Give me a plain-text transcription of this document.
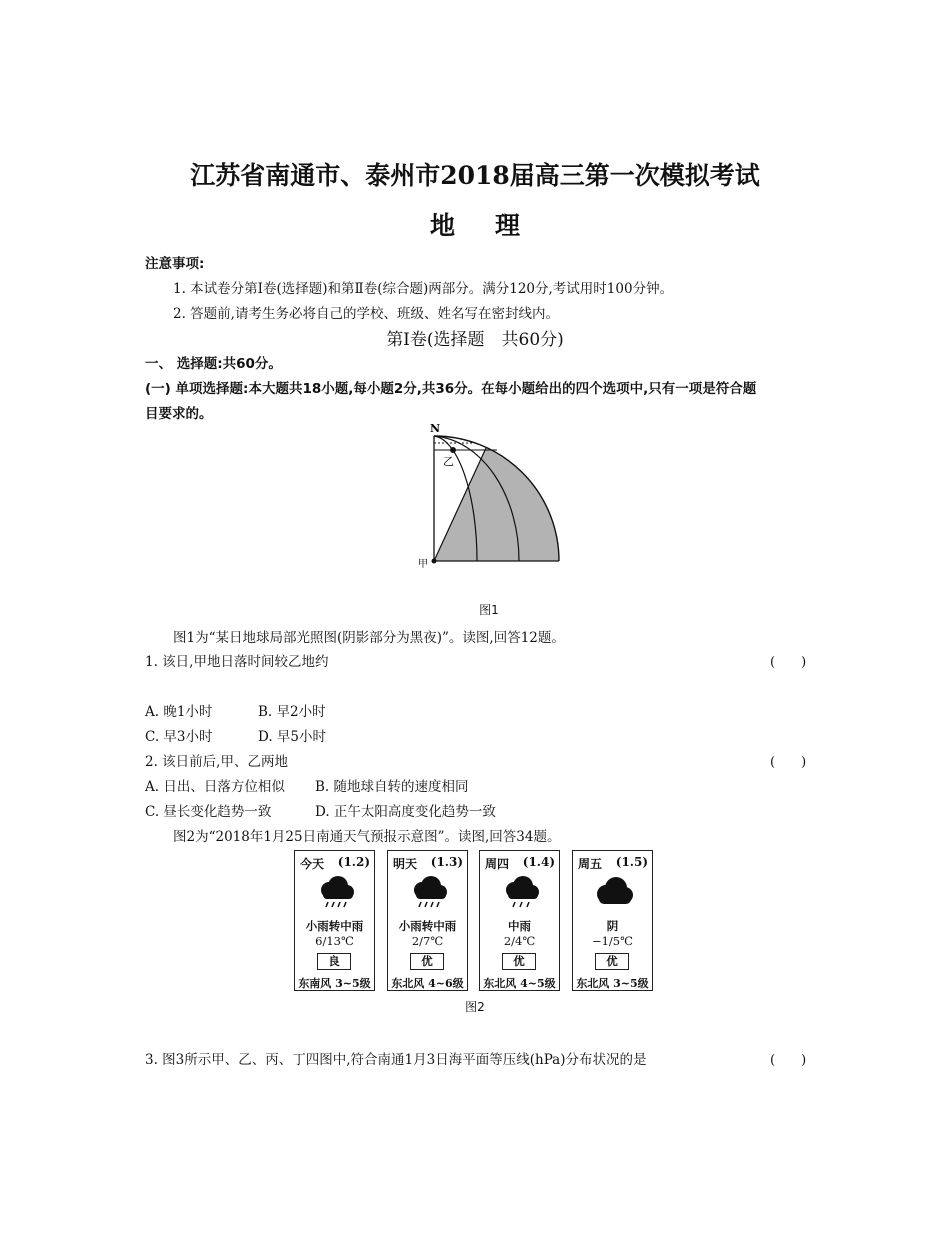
江苏省南通市、泰州市2018届高三第一次模拟考试
地理
注意事项:
1. 本试卷分第Ⅰ卷(选择题)和第Ⅱ卷(综合题)两部分。满分120分,考试用时100分钟。
2. 答题前,请考生务必将自己的学校、班级、姓名写在密封线内。
第Ⅰ卷(选择题　共60分)
一、 选择题:共60分。
(一) 单项选择题:本大题共18小题,每小题2分,共36分。在每小题给出的四个选项中,只有一项是符合题
目要求的。
N
乙
甲
图1
图1为“某日地球局部光照图(阴影部分为黑夜)”。读图,回答12题。
1. 该日,甲地日落时间较乙地约	(　　)
A. 晚1小时	B. 早2小时
C. 早3小时	D. 早5小时
2. 该日前后,甲、乙两地	(　　)
A. 日出、日落方位相似 B. 随地球自转的速度相同
C. 昼长变化趋势一致	D. 正午太阳高度变化趋势一致
图2为“2018年1月25日南通天气预报示意图”。读图,回答34题。
今天 (1.2)
小雨转中雨
6/13℃
良
东南风 3~5级
明天 (1.3)
小雨转中雨
2/7℃
优
东北风 4~6级
周四 (1.4)
中雨
2/4℃
优
东北风 4~5级
周五 (1.5)
阴
−1/5℃
优
东北风 3~5级
图2
3. 图3所示甲、乙、丙、丁四图中,符合南通1月3日海平面等压线(hPa)分布状况的是	(　　)
